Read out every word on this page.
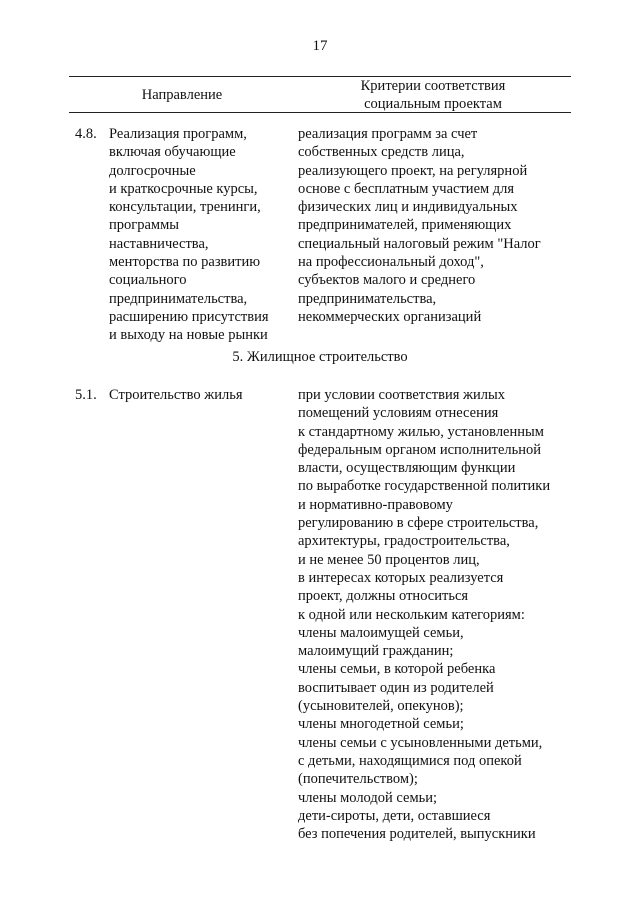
17
Направление
Критерии соответствия
социальным проектам
4.8. Реализация программ,
включая обучающие
долгосрочные
и краткосрочные курсы,
консультации, тренинги,
программы
наставничества,
менторства по развитию
социального
предпринимательства,
расширению присутствия
и выходу на новые рынки
реализация программ за счет
собственных средств лица,
реализующего проект, на регулярной
основе с бесплатным участием для
физических лиц и индивидуальных
предпринимателей, применяющих
специальный налоговый режим "Налог
на профессиональный доход",
субъектов малого и среднего
предпринимательства,
некоммерческих организаций
5. Жилищное строительство
5.1. Строительство жилья	при условии соответствия жилых
помещений условиям отнесения
к стандартному жилью, установленным
федеральным органом исполнительной
власти, осуществляющим функции
по выработке государственной политики
и нормативно-правовому
регулированию в сфере строительства,
архитектуры, градостроительства,
и не менее 50 процентов лиц,
в интересах которых реализуется
проект, должны относиться
к одной или нескольким категориям:
члены малоимущей семьи,
малоимущий гражданин;
члены семьи, в которой ребенка
воспитывает один из родителей
(усыновителей, опекунов);
члены многодетной семьи;
члены семьи с усыновленными детьми,
с детьми, находящимися под опекой
(попечительством);
члены молодой семьи;
дети-сироты, дети, оставшиеся
без попечения родителей, выпускники
